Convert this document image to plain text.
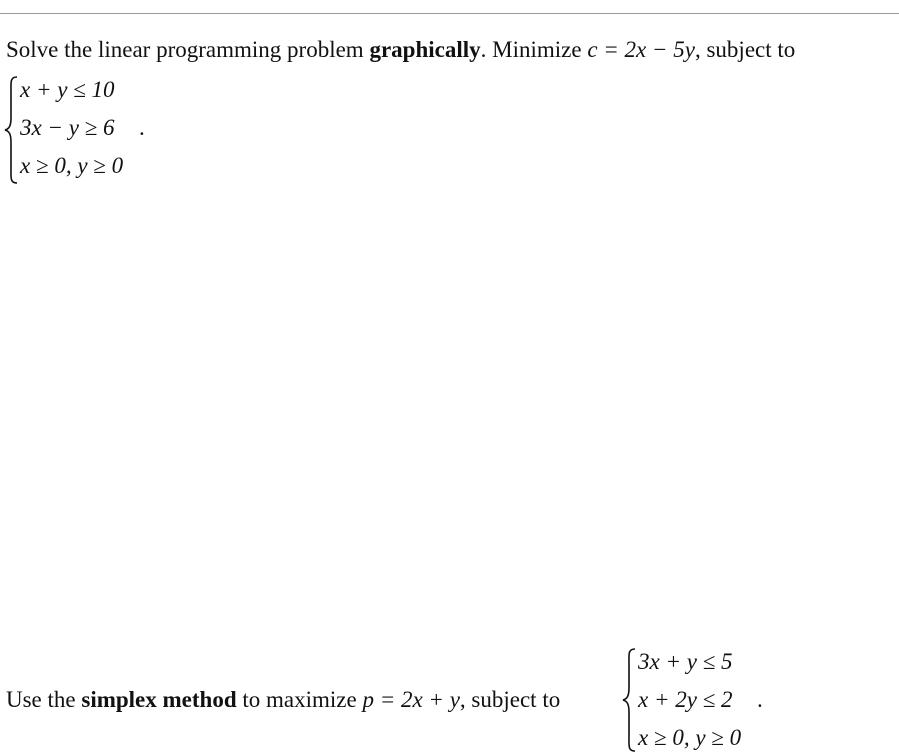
Solve the linear programming problem graphically. Minimize c = 2x − 5y, subject to
x + y ≤ 10
3x − y ≥ 6 .
x ≥ 0, y ≥ 0
Use the simplex method to maximize p = 2x + y, subject to
3x + y ≤ 5
x + 2y ≤ 2 .
x ≥ 0, y ≥ 0
